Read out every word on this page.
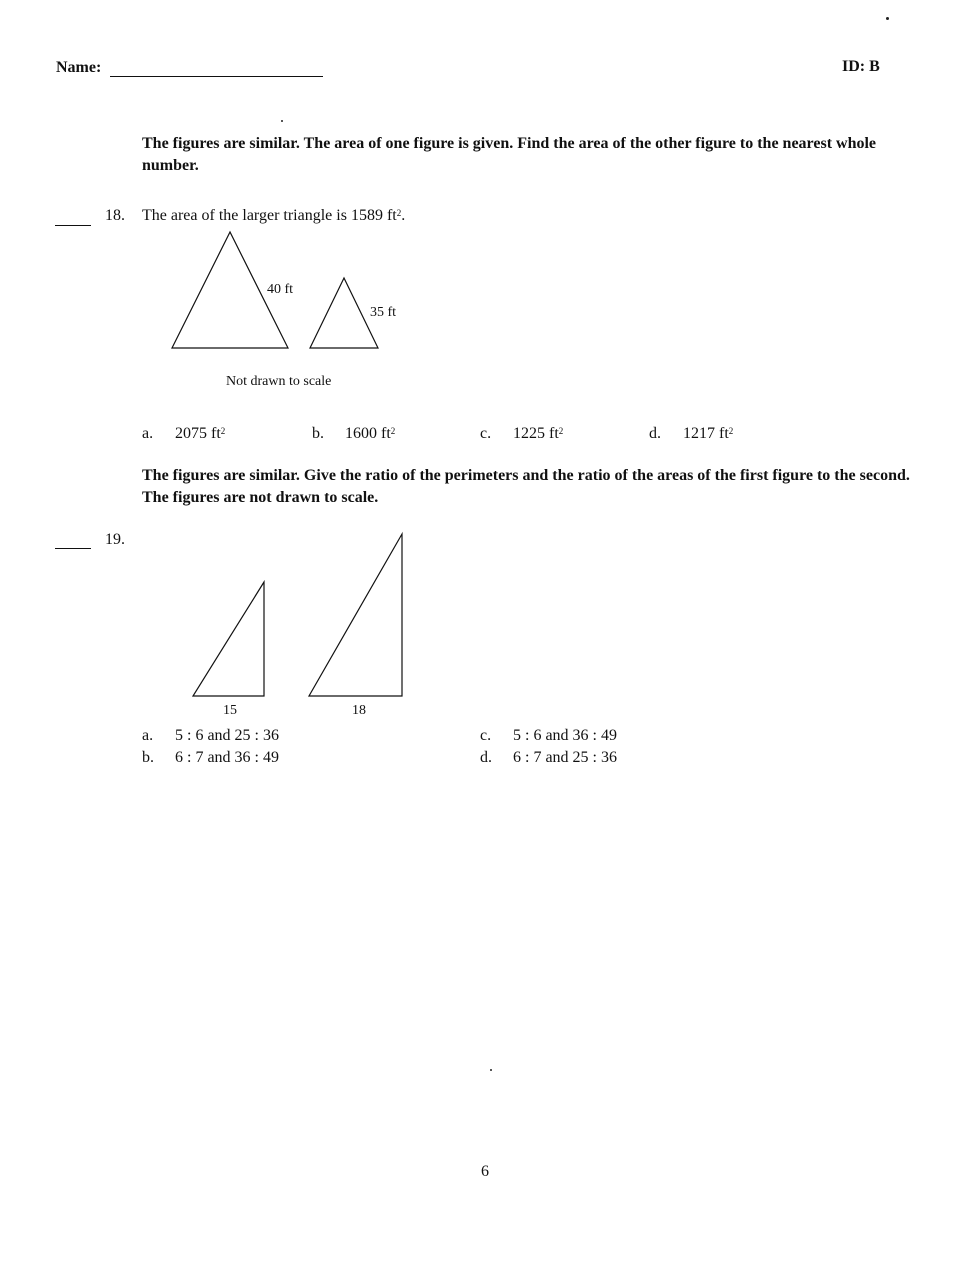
Name:	ID: B
The figures are similar. The area of one figure is given. Find the area of the other figure to the nearest whole number.
18. The area of the larger triangle is 1589 $ft^2$.
40 ft
35 ft
Not drawn to scale
a. 2075 $ft^2$	b. 1600 $ft^2$	c. 1225 $ft^2$	d. 1217 $ft^2$
The figures are similar. Give the ratio of the perimeters and the ratio of the areas of the first figure to the second. The figures are not drawn to scale.
19.
15	18
a. 5 : 6 and 25 : 36
b. 6 : 7 and 36 : 49
c. 5 : 6 and 36 : 49
d. 6 : 7 and 25 : 36
6
